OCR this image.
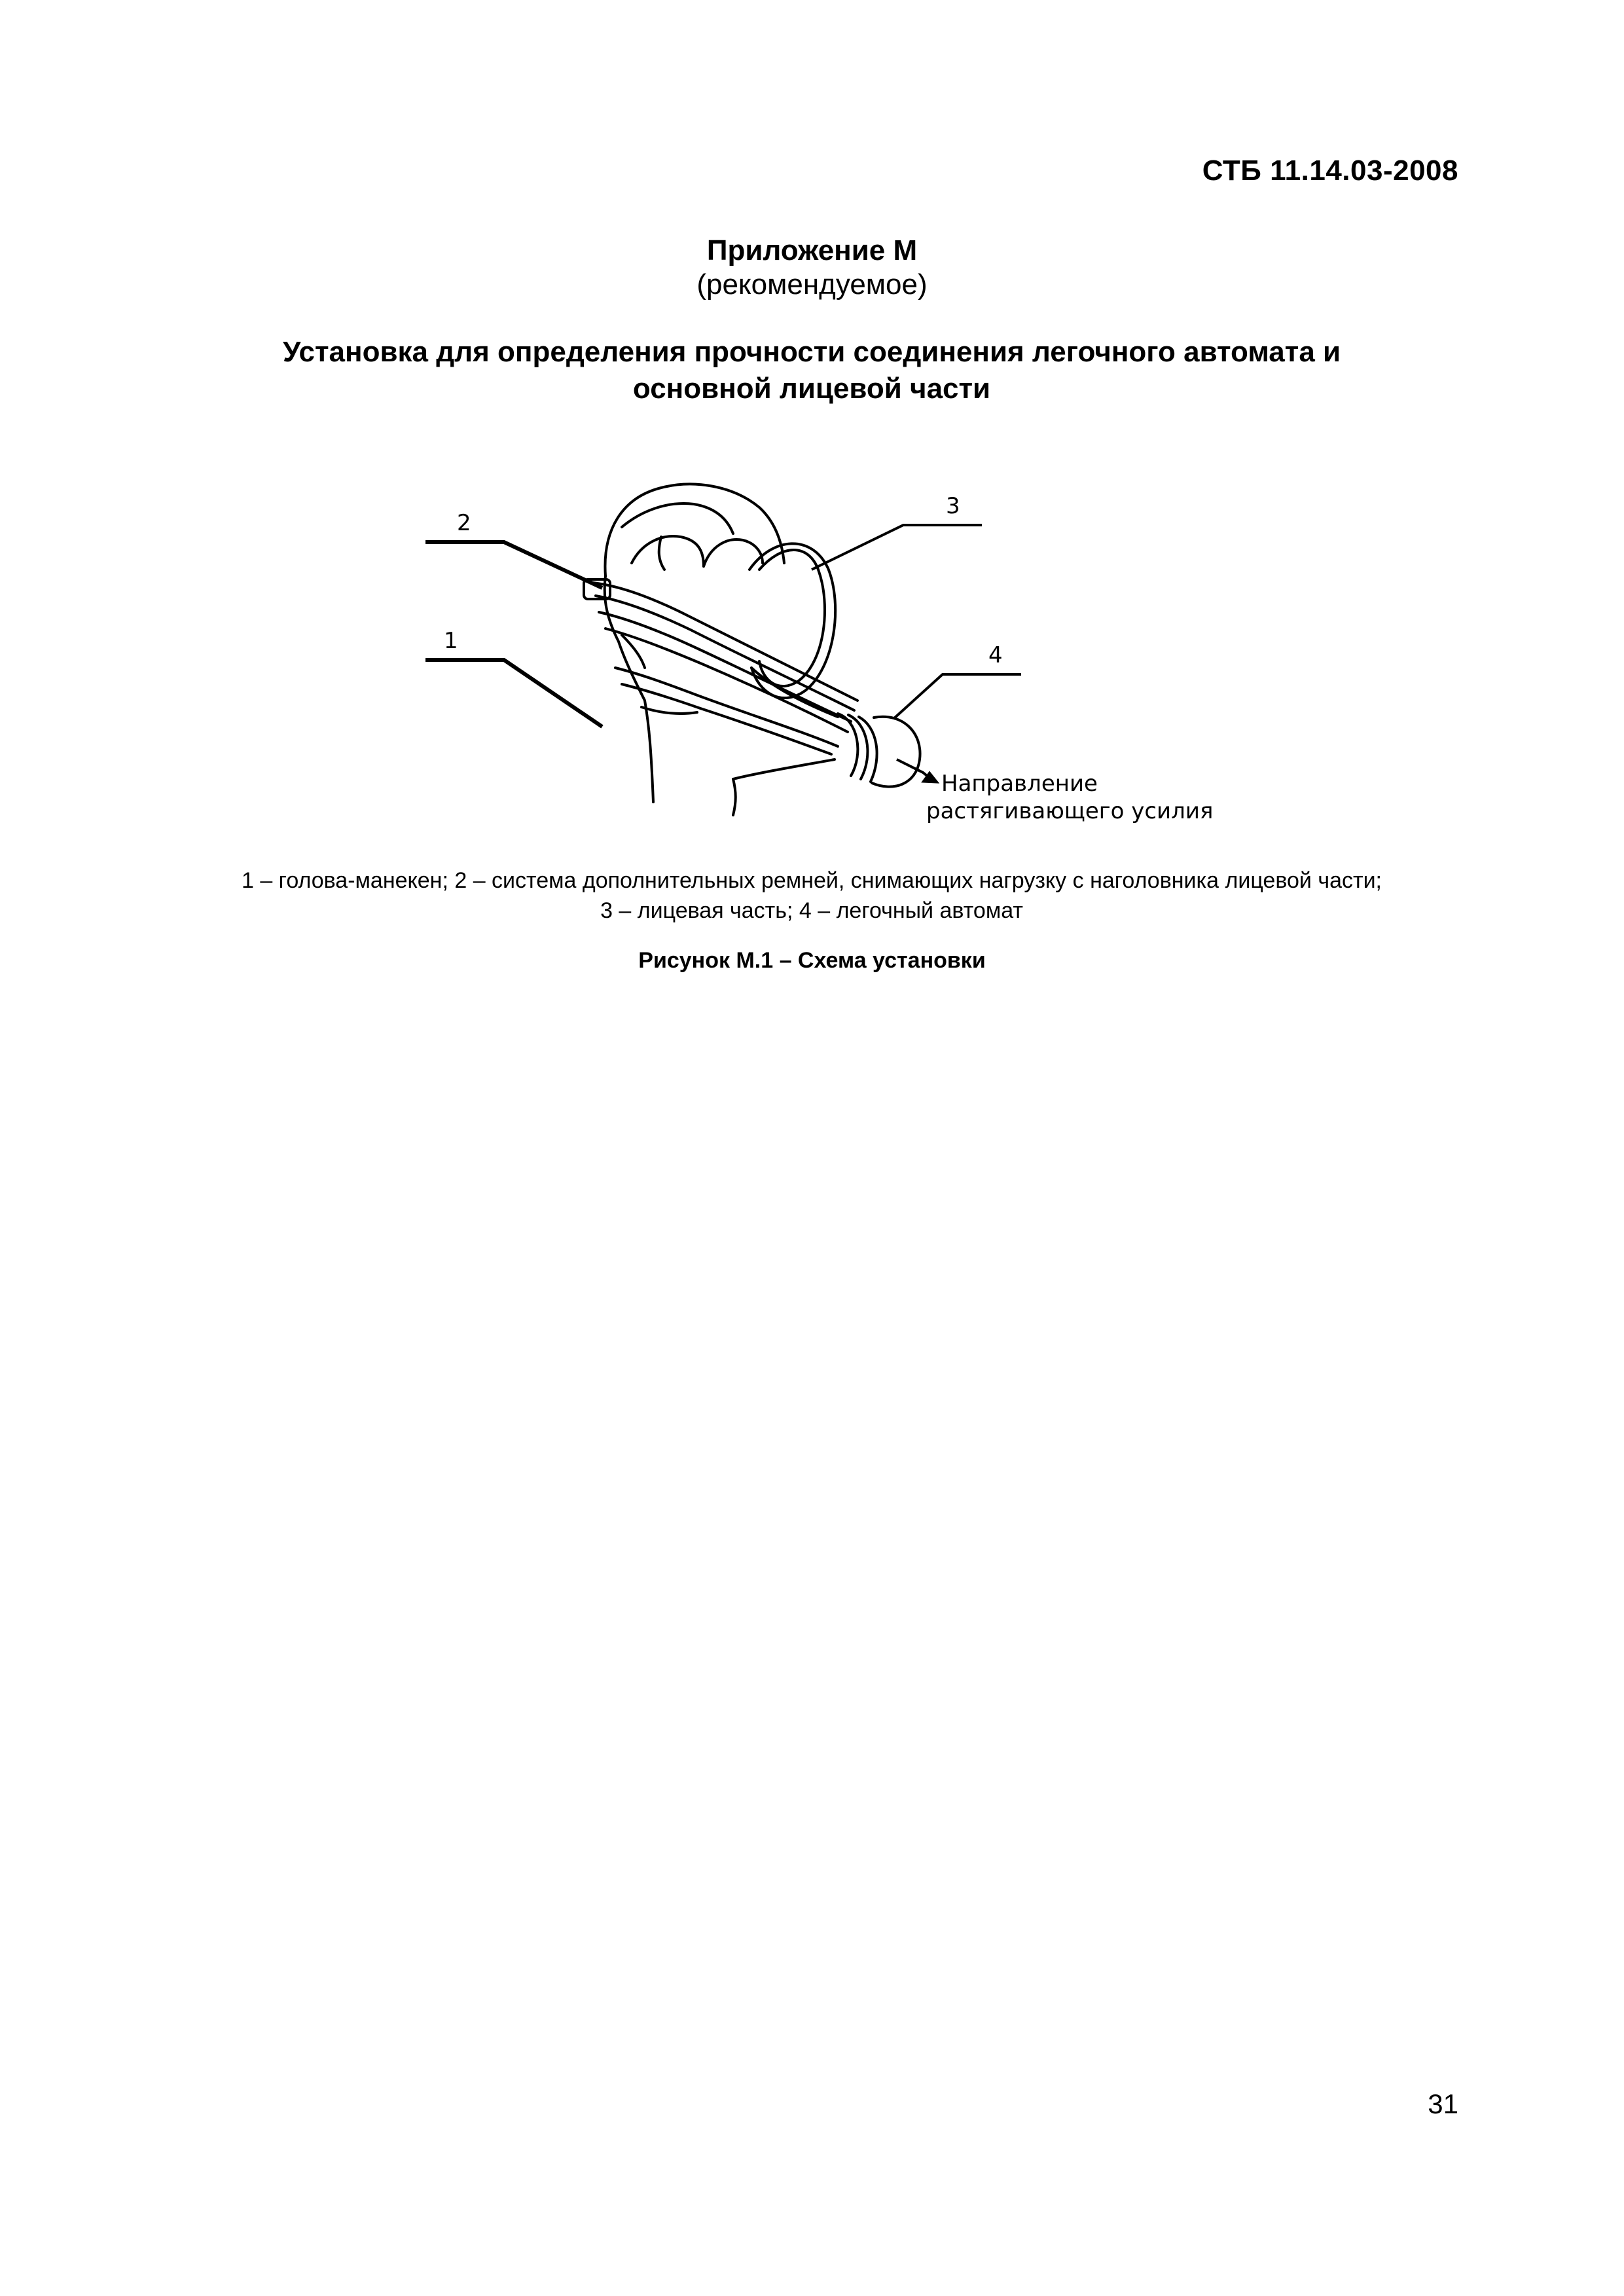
СТБ 11.14.03-2008
Приложение М
(рекомендуемое)
Установка для определения прочности соединения легочного автомата и
основной лицевой части
2
1
3
4
Направление
растягивающего усилия
1 – голова-манекен; 2 – система дополнительных ремней, снимающих нагрузку с наголовника лицевой части;
3 – лицевая часть; 4 – легочный автомат
Рисунок М.1 – Схема установки
31
